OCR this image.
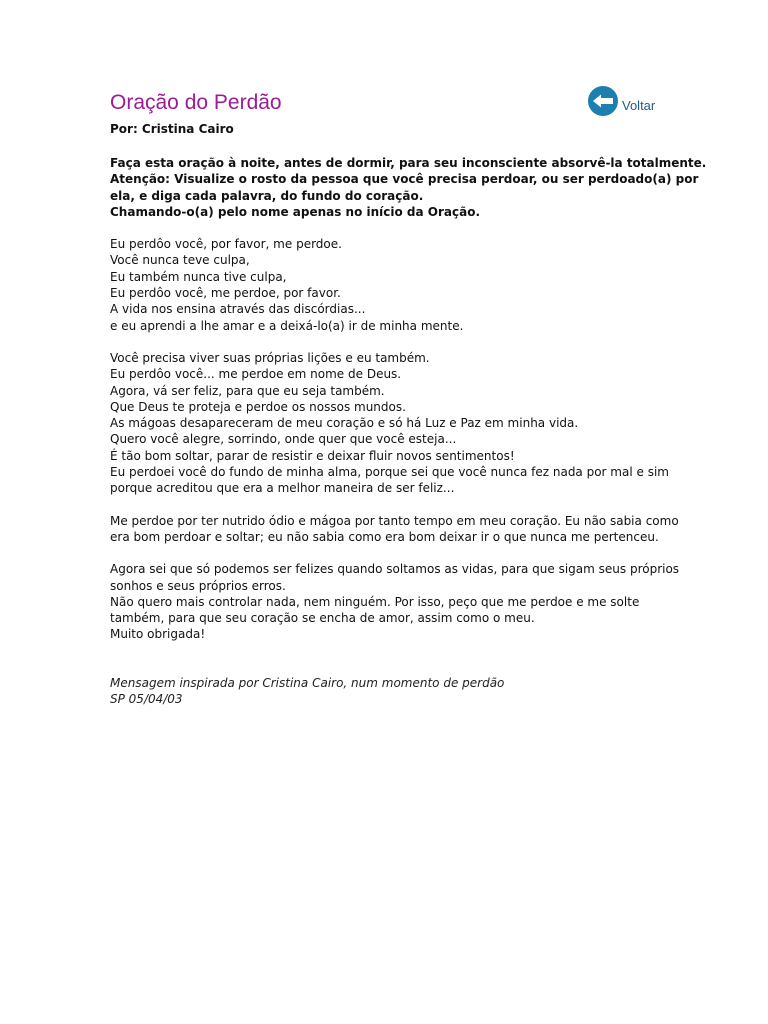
Oração do Perdão
Por: Cristina Cairo
Faça esta oração à noite, antes de dormir, para seu inconsciente absorvê-la totalmente.
Atenção: Visualize o rosto da pessoa que você precisa perdoar, ou ser perdoado(a) por
ela, e diga cada palavra, do fundo do coração.
Chamando-o(a) pelo nome apenas no início da Oração.
Eu perdôo você, por favor, me perdoe.
Você nunca teve culpa,
Eu também nunca tive culpa,
Eu perdôo você, me perdoe, por favor.
A vida nos ensina através das discórdias...
e eu aprendi a lhe amar e a deixá-lo(a) ir de minha mente.
Você precisa viver suas próprias lições e eu também.
Eu perdôo você... me perdoe em nome de Deus.
Agora, vá ser feliz, para que eu seja também.
Que Deus te proteja e perdoe os nossos mundos.
As mágoas desapareceram de meu coração e só há Luz e Paz em minha vida.
Quero você alegre, sorrindo, onde quer que você esteja...
É tão bom soltar, parar de resistir e deixar fluir novos sentimentos!
Eu perdoei você do fundo de minha alma, porque sei que você nunca fez nada por mal e sim
porque acreditou que era a melhor maneira de ser feliz...
Me perdoe por ter nutrido ódio e mágoa por tanto tempo em meu coração. Eu não sabia como
era bom perdoar e soltar; eu não sabia como era bom deixar ir o que nunca me pertenceu.
Agora sei que só podemos ser felizes quando soltamos as vidas, para que sigam seus próprios
sonhos e seus próprios erros.
Não quero mais controlar nada, nem ninguém. Por isso, peço que me perdoe e me solte
também, para que seu coração se encha de amor, assim como o meu.
Muito obrigada!
Mensagem inspirada por Cristina Cairo, num momento de perdão
SP 05/04/03
Voltar
